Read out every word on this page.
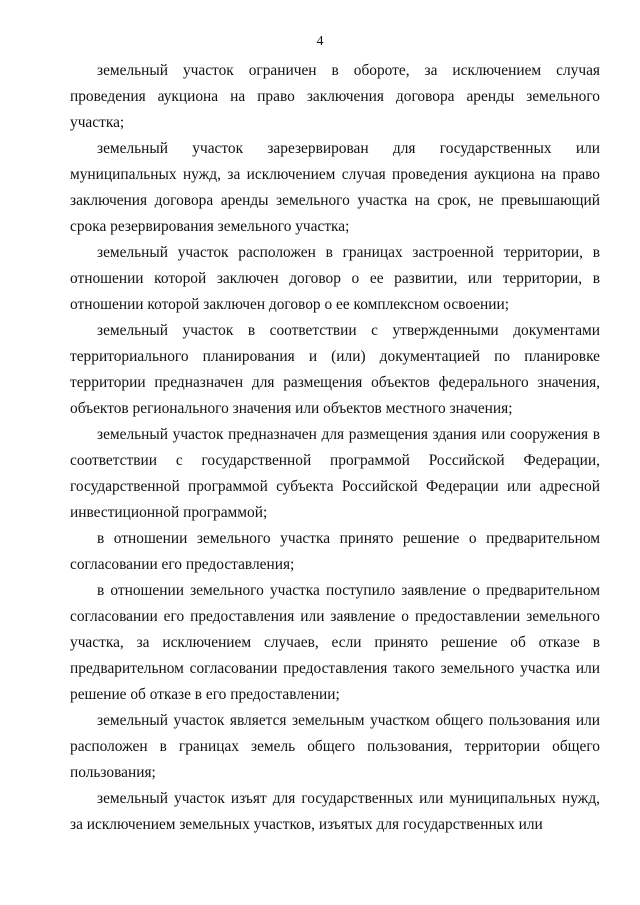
4

земельный участок ограничен в обороте, за исключением случая проведения аукциона на право заключения договора аренды земельного участка;

земельный участок зарезервирован для государственных или муниципальных нужд, за исключением случая проведения аукциона на право заключения договора аренды земельного участка на срок, не превышающий срока резервирования земельного участка;

земельный участок расположен в границах застроенной территории, в отношении которой заключен договор о ее развитии, или территории, в отношении которой заключен договор о ее комплексном освоении;

земельный участок в соответствии с утвержденными документами территориального планирования и (или) документацией по планировке территории предназначен для размещения объектов федерального значения, объектов регионального значения или объектов местного значения;

земельный участок предназначен для размещения здания или сооружения в соответствии с государственной программой Российской Федерации, государственной программой субъекта Российской Федерации или адресной инвестиционной программой;

в отношении земельного участка принято решение о предварительном согласовании его предоставления;

в отношении земельного участка поступило заявление о предварительном согласовании его предоставления или заявление о предоставлении земельного участка, за исключением случаев, если принято решение об отказе в предварительном согласовании предоставления такого земельного участка или решение об отказе в его предоставлении;

земельный участок является земельным участком общего пользования или расположен в границах земель общего пользования, территории общего пользования;

земельный участок изъят для государственных или муниципальных нужд, за исключением земельных участков, изъятых для государственных или
